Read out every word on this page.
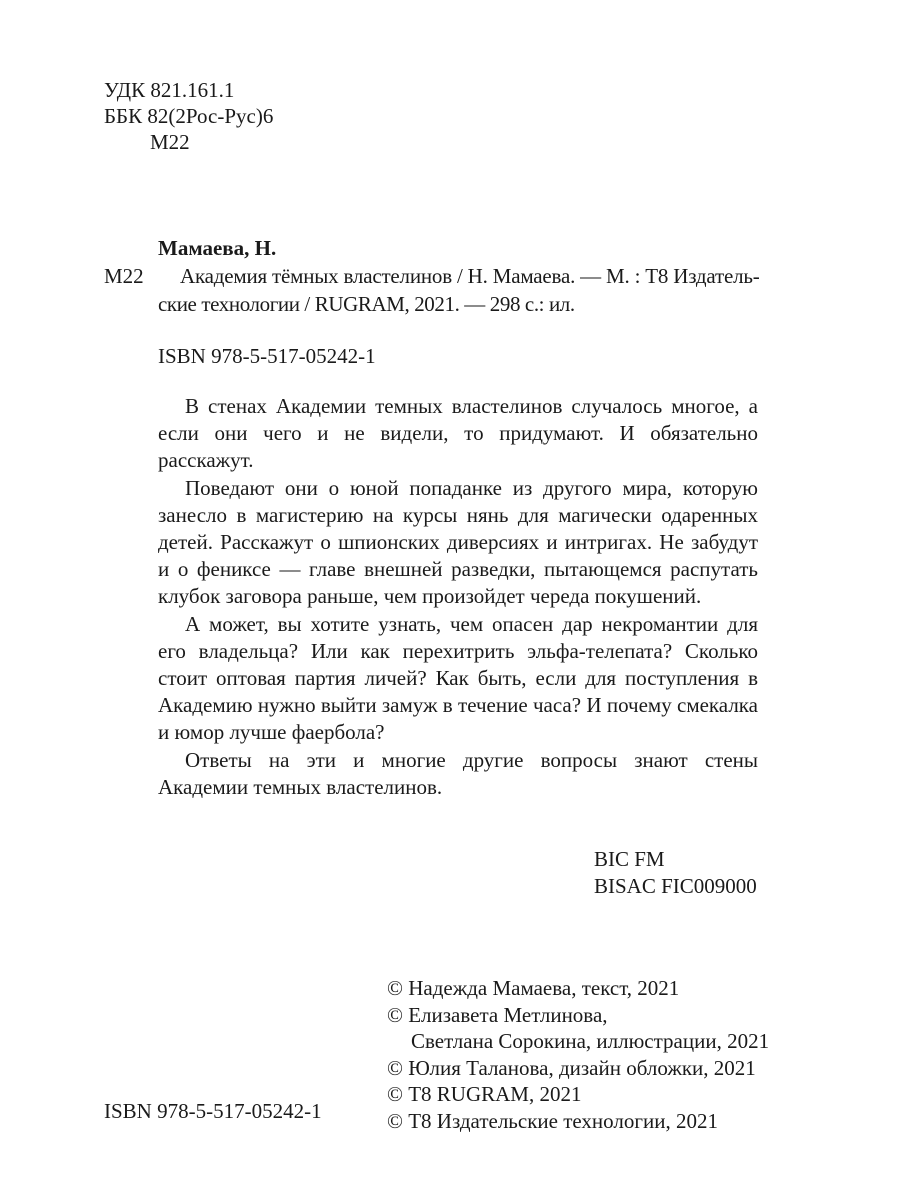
УДК 821.161.1
ББК 82(2Рос-Рус)6
М22
Мамаева, Н.
М22 Академия тёмных властелинов / Н. Мамаева. — М. : Т8 Издатель-
ские технологии / RUGRAM, 2021. — 298 с.: ил.
ISBN 978-5-517-05242-1

В стенах Академии темных властелинов случалось многое, а если они чего и не видели, то придумают. И обязательно расскажут.

Поведают они о юной попаданке из другого мира, которую занесло в магистерию на курсы нянь для магически одаренных детей. Расскажут о шпионских диверсиях и интригах. Не забудут и о фениксе — главе внешней разведки, пытающемся распутать клубок заговора раньше, чем произойдет череда покушений.

А может, вы хотите узнать, чем опасен дар некромантии для его владельца? Или как перехитрить эльфа-телепата? Сколько стоит оптовая партия личей? Как быть, если для поступления в Академию нужно выйти замуж в течение часа? И почему смекалка и юмор лучше фаербола?

Ответы на эти и многие другие вопросы знают стены Академии темных властелинов.

BIC FM
BISAC FIC009000
© Надежда Мамаева, текст, 2021
© Елизавета Метлинова,
Светлана Сорокина, иллюстрации, 2021
© Юлия Таланова, дизайн обложки, 2021
© Т8 RUGRAM, 2021
© Т8 Издательские технологии, 2021
ISBN 978-5-517-05242-1
